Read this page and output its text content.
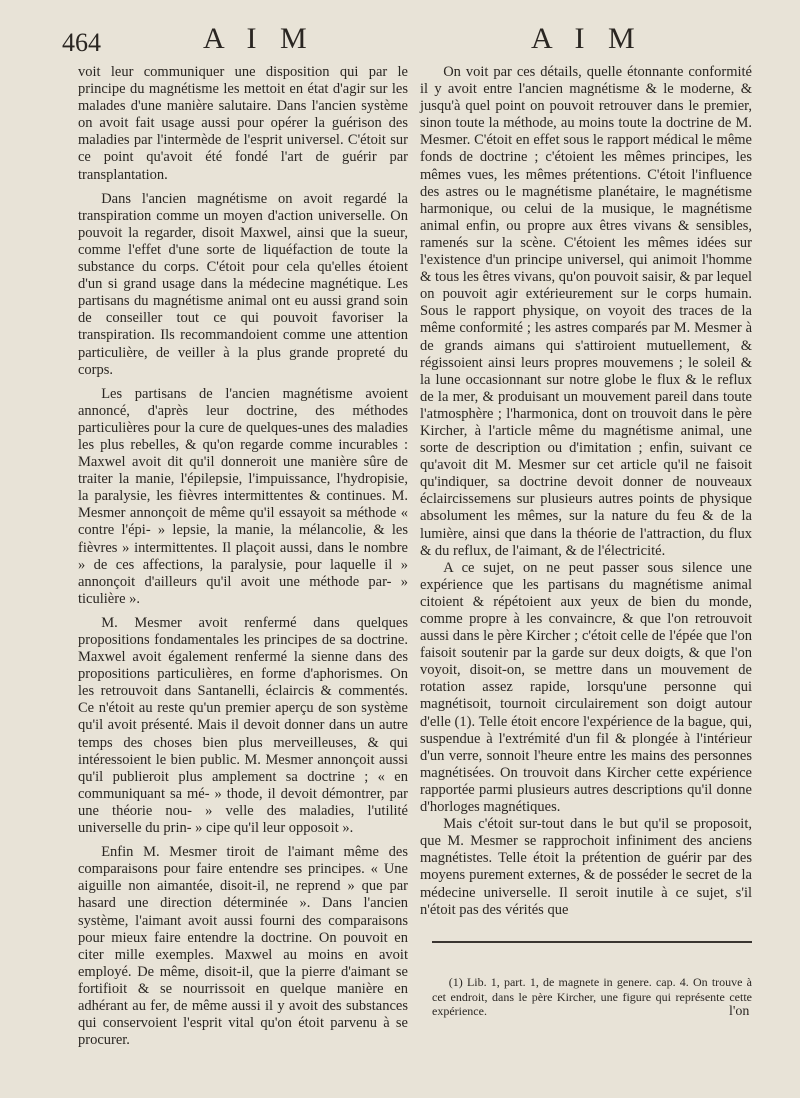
464	A I M	A I M

voit leur communiquer une disposition qui par le principe du magnétisme les mettoit en état d'agir sur les malades d'une manière salutaire. Dans l'ancien système on avoit fait usage aussi pour opérer la guérison des maladies par l'intermède de l'esprit universel. C'étoit sur ce point qu'avoit été fondé l'art de guérir par transplantation.

Dans l'ancien magnétisme on avoit regardé la transpiration comme un moyen d'action universelle. On pouvoit la regarder, disoit Maxwel, ainsi que la sueur, comme l'effet d'une sorte de liquéfaction de toute la substance du corps. C'étoit pour cela qu'elles étoient d'un si grand usage dans la médecine magnétique. Les partisans du magnétisme animal ont eu aussi grand soin de conseiller tout ce qui pouvoit favoriser la transpiration. Ils recommandoient comme une attention particulière, de veiller à la plus grande propreté du corps.

Les partisans de l'ancien magnétisme avoient annoncé, d'après leur doctrine, des méthodes particulières pour la cure de quelques-unes des maladies les plus rebelles, & qu'on regarde comme incurables : Maxwel avoit dit qu'il donneroit une manière sûre de traiter la manie, l'épilepsie, l'impuissance, l'hydropisie, la paralysie, les fièvres intermittentes & continues. M. Mesmer annonçoit de même qu'il essayoit sa méthode « contre l'épi- » lepsie, la manie, la mélancolie, & les fièvres » intermittentes. Il plaçoit aussi, dans le nombre » de ces affections, la paralysie, pour laquelle il » annonçoit d'ailleurs qu'il avoit une méthode par- » ticulière ».

M. Mesmer avoit renfermé dans quelques propositions fondamentales les principes de sa doctrine. Maxwel avoit également renfermé la sienne dans des propositions particulières, en forme d'aphorismes. On les retrouvoit dans Santanelli, éclaircis & commentés. Ce n'étoit au reste qu'un premier aperçu de son système qu'il avoit présenté. Mais il devoit donner dans un autre temps des choses bien plus merveilleuses, & qui intéressoient le bien public. M. Mesmer annonçoit aussi qu'il publieroit plus amplement sa doctrine ; « en communiquant sa mé- » thode, il devoit démontrer, par une théorie nou- » velle des maladies, l'utilité universelle du prin- » cipe qu'il leur opposoit ».

Enfin M. Mesmer tiroit de l'aimant même des comparaisons pour faire entendre ses principes. « Une aiguille non aimantée, disoit-il, ne reprend » que par hasard une direction déterminée ». Dans l'ancien système, l'aimant avoit aussi fourni des comparaisons pour mieux faire entendre la doctrine. On pouvoit en citer mille exemples. Maxwel au moins en avoit employé. De même, disoit-il, que la pierre d'aimant se fortifioit & se nourrissoit en quelque manière en adhérant au fer, de même aussi il y avoit des substances qui conservoient l'esprit vital qu'on étoit parvenu à se procurer.

On voit par ces détails, quelle étonnante conformité il y avoit entre l'ancien magnétisme & le moderne, & jusqu'à quel point on pouvoit retrouver dans le premier, sinon toute la méthode, au moins toute la doctrine de M. Mesmer. C'étoit en effet sous le rapport médical le même fonds de doctrine ; c'étoient les mêmes principes, les mêmes vues, les mêmes prétentions. C'étoit l'influence des astres ou le magnétisme planétaire, le magnétisme harmonique, ou celui de la musique, le magnétisme animal enfin, ou propre aux êtres vivans & sensibles, ramenés sur la scène. C'étoient les mêmes idées sur l'existence d'un principe universel, qui animoit l'homme & tous les êtres vivans, qu'on pouvoit saisir, & par lequel on pouvoit agir extérieurement sur le corps humain. Sous le rapport physique, on voyoit des traces de la même conformité ; les astres comparés par M. Mesmer à de grands aimans qui s'attiroient mutuellement, & régissoient ainsi leurs propres mouvemens ; le soleil & la lune occasionnant sur notre globe le flux & le reflux de la mer, & produisant un mouvement pareil dans toute l'atmosphère ; l'harmonica, dont on trouvoit dans le père Kircher, à l'article même du magnétisme animal, une sorte de description ou d'imitation ; enfin, suivant ce qu'avoit dit M. Mesmer sur cet article qu'il ne faisoit qu'indiquer, sa doctrine devoit donner de nouveaux éclaircissemens sur plusieurs autres points de physique absolument les mêmes, sur la nature du feu & de la lumière, ainsi que dans la théorie de l'attraction, du flux & du reflux, de l'aimant, & de l'électricité.

A ce sujet, on ne peut passer sous silence une expérience que les partisans du magnétisme animal citoient & répétoient aux yeux de bien du monde, comme propre à les convaincre, & que l'on retrouvoit aussi dans le père Kircher ; c'étoit celle de l'épée que l'on faisoit soutenir par la garde sur deux doigts, & que l'on voyoit, disoit-on, se mettre dans un mouvement de rotation assez rapide, lorsqu'une personne qui magnétisoit, tournoit circulairement son doigt autour d'elle (1). Telle étoit encore l'expérience de la bague, qui, suspendue à l'extrémité d'un fil & plongée à l'intérieur d'un verre, sonnoit l'heure entre les mains des personnes magnétisées. On trouvoit dans Kircher cette expérience rapportée parmi plusieurs autres descriptions qu'il donne d'horloges magnétiques.

Mais c'étoit sur-tout dans le but qu'il se proposoit, que M. Mesmer se rapprochoit infiniment des anciens magnétistes. Telle étoit la prétention de guérir par des moyens purement externes, & de posséder le secret de la médecine universelle. Il seroit inutile à ce sujet, s'il n'étoit pas des vérités que

(1) Lib. 1, part. 1, de magnete in genere. cap. 4. On trouve à cet endroit, dans le père Kircher, une figure qui représente cette expérience.	l'on
